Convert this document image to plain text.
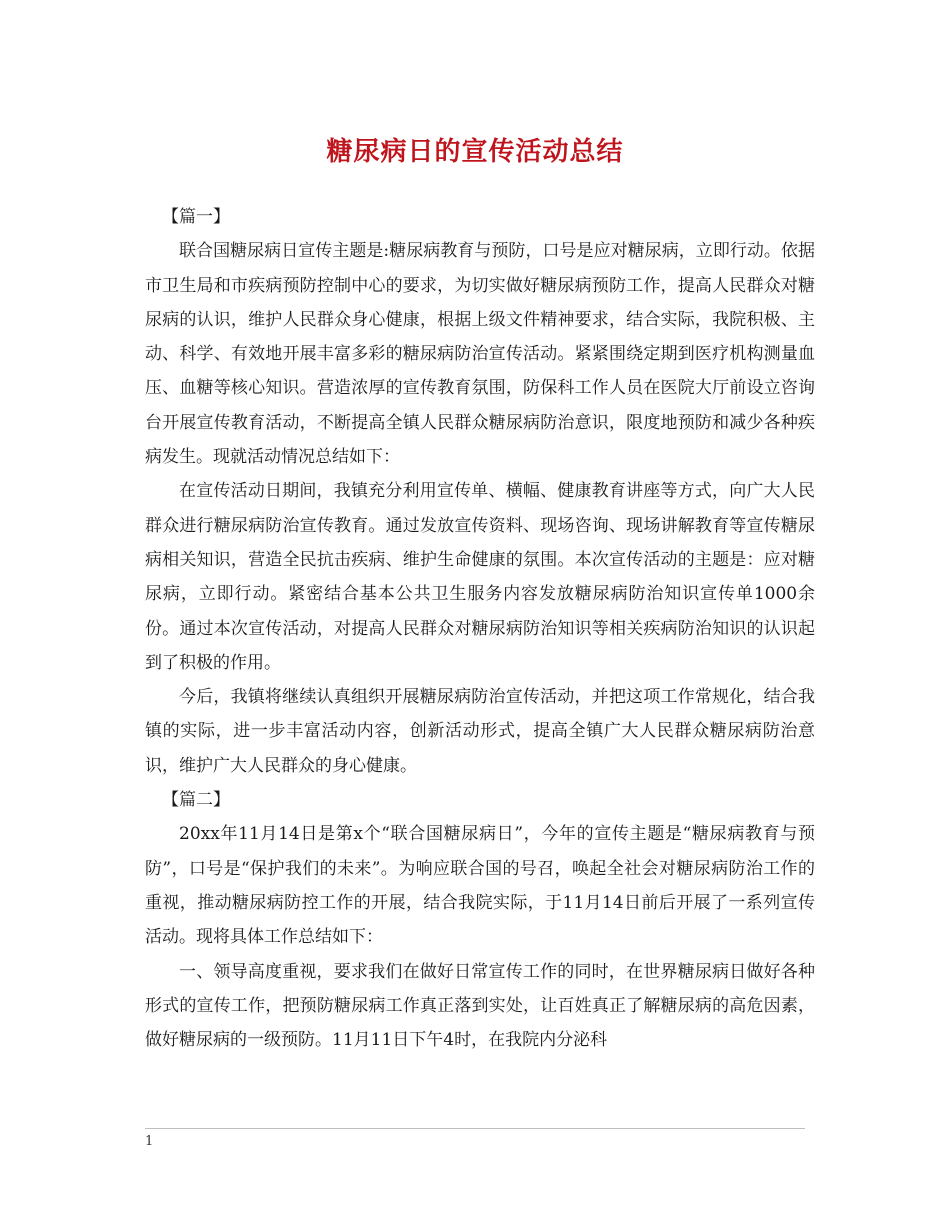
糖尿病日的宣传活动总结

【篇一】

联合国糖尿病日宣传主题是:糖尿病教育与预防，口号是应对糖尿病，立即行动。依据市卫生局和市疾病预防控制中心的要求，为切实做好糖尿病预防工作，提高人民群众对糖尿病的认识，维护人民群众身心健康，根据上级文件精神要求，结合实际，我院积极、主动、科学、有效地开展丰富多彩的糖尿病防治宣传活动。紧紧围绕定期到医疗机构测量血压、血糖等核心知识。营造浓厚的宣传教育氛围，防保科工作人员在医院大厅前设立咨询台开展宣传教育活动，不断提高全镇人民群众糖尿病防治意识，限度地预防和减少各种疾病发生。现就活动情况总结如下：

在宣传活动日期间，我镇充分利用宣传单、横幅、健康教育讲座等方式，向广大人民群众进行糖尿病防治宣传教育。通过发放宣传资料、现场咨询、现场讲解教育等宣传糖尿病相关知识，营造全民抗击疾病、维护生命健康的氛围。本次宣传活动的主题是：应对糖尿病，立即行动。紧密结合基本公共卫生服务内容发放糖尿病防治知识宣传单1000余份。通过本次宣传活动，对提高人民群众对糖尿病防治知识等相关疾病防治知识的认识起到了积极的作用。

今后，我镇将继续认真组织开展糖尿病防治宣传活动，并把这项工作常规化，结合我镇的实际，进一步丰富活动内容，创新活动形式，提高全镇广大人民群众糖尿病防治意识，维护广大人民群众的身心健康。

【篇二】

20xx年11月14日是第x个“联合国糖尿病日”，今年的宣传主题是“糖尿病教育与预防”，口号是“保护我们的未来”。为响应联合国的号召，唤起全社会对糖尿病防治工作的重视，推动糖尿病防控工作的开展，结合我院实际，于11月14日前后开展了一系列宣传活动。现将具体工作总结如下：

一、领导高度重视，要求我们在做好日常宣传工作的同时，在世界糖尿病日做好各种形式的宣传工作，把预防糖尿病工作真正落到实处，让百姓真正了解糖尿病的高危因素，做好糖尿病的一级预防。11月11日下午4时，在我院内分泌科

1
